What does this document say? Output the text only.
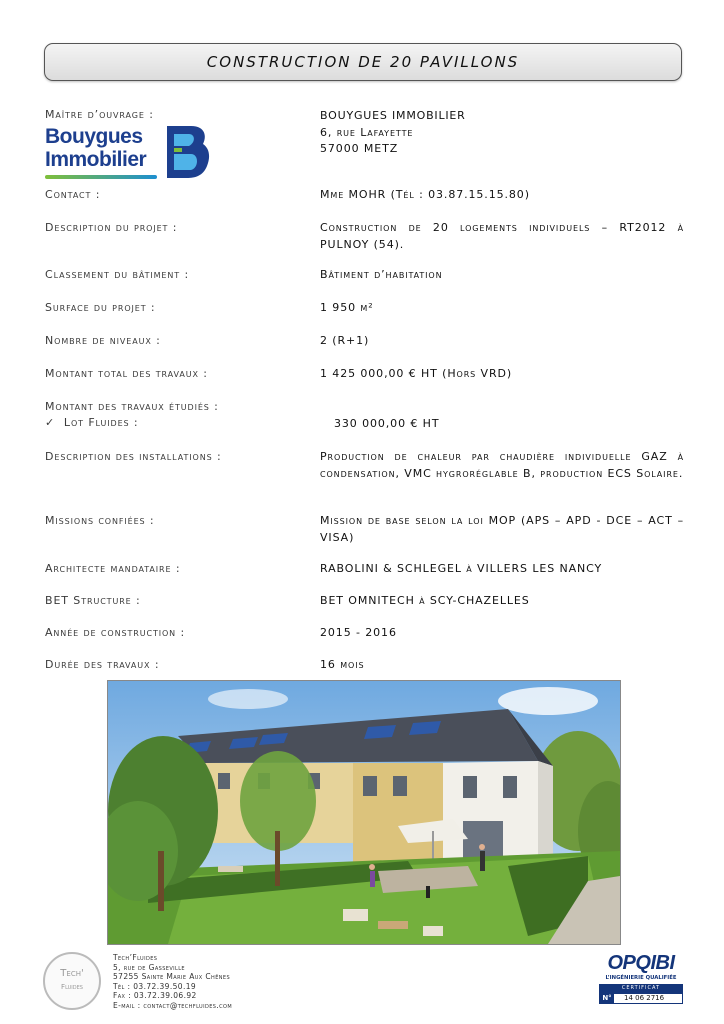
CONSTRUCTION DE 20 PAVILLONS
Maître d’ouvrage :
Bouygues
Immobilier
BOUYGUES IMMOBILIER
6, rue Lafayette
57000 METZ
Contact :	Mme MOHR (Tél : 03.87.15.15.80)
Description du projet :	Construction de 20 logements individuels – RT2012 à PULNOY (54).
Classement du bâtiment :	Bâtiment d’habitation
Surface du projet :	1 950 m²
Nombre de niveaux :	2 (R+1)
Montant total des travaux :	1 425 000,00 € HT (Hors VRD)
Montant des travaux étudiés :
✓ Lot Fluides :	330 000,00 € HT
Description des installations :	Production de chaleur par chaudière individuelle GAZ à condensation, VMC hygroréglable B, production ECS Solaire.
Missions confiées :	Mission de base selon la loi MOP (APS – APD - DCE – ACT – VISA)
Architecte mandataire :	RABOLINI & SCHLEGEL à VILLERS LES NANCY
BET Structure :	BET OMNITECH à SCY-CHAZELLES
Année de construction :	2015 - 2016
Durée des travaux :	16 mois
Tech'
Fluides
Tech’Fluides
5, rue de Gasseville
57255 Sainte Marie Aux Chênes
Tél : 03.72.39.50.19
Fax : 03.72.39.06.92
E-mail : contact@techfluides.com
OPQIBI
L’INGÉNIERIE QUALIFIÉE
CERTIFICAT
N° 14 06 2716
